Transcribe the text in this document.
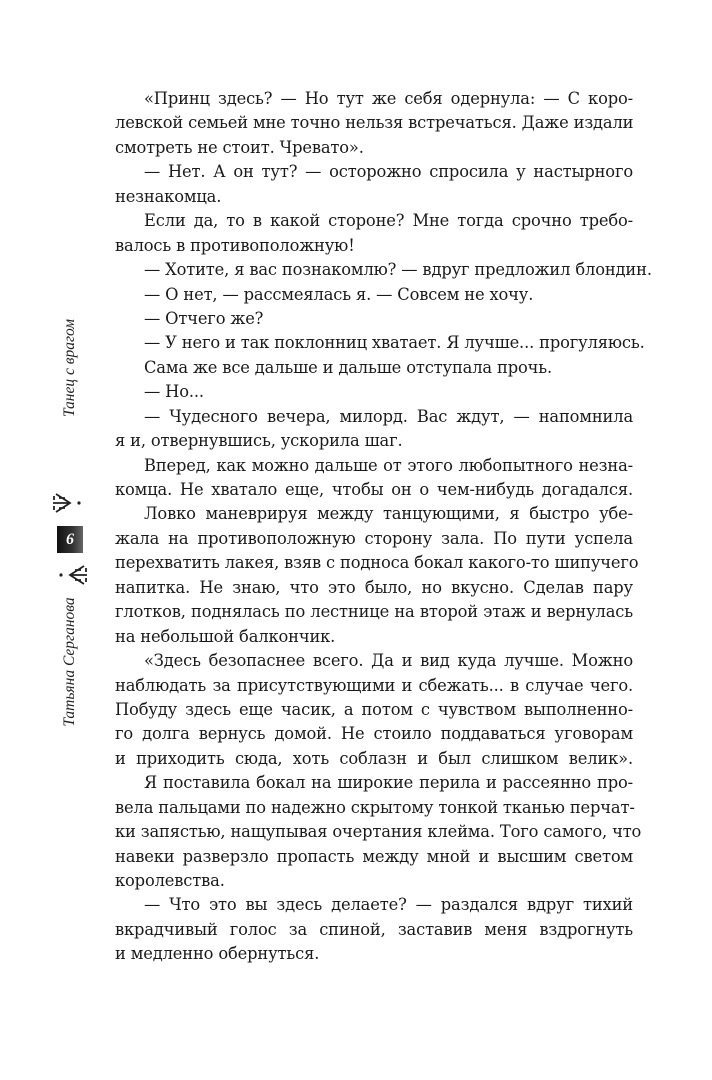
Танец с врагом
6
Татьяна Серганова
«Принц здесь? — Но тут же себя одернула: — С коро-
левской семьей мне точно нельзя встречаться. Даже издали
смотреть не стоит. Чревато».
— Нет. А он тут? — осторожно спросила у настырного
незнакомца.
Если да, то в какой стороне? Мне тогда срочно требо-
валось в противоположную!
— Хотите, я вас познакомлю? — вдруг предложил блондин.
— О нет, — рассмеялась я. — Совсем не хочу.
— Отчего же?
— У него и так поклонниц хватает. Я лучше... прогуляюсь.
Сама же все дальше и дальше отступала прочь.
— Но...
— Чудесного вечера, милорд. Вас ждут, — напомнила
я и, отвернувшись, ускорила шаг.
Вперед, как можно дальше от этого любопытного незна-
комца. Не хватало еще, чтобы он о чем-нибудь догадался.
Ловко маневрируя между танцующими, я быстро убе-
жала на противоположную сторону зала. По пути успела
перехватить лакея, взяв с подноса бокал какого-то шипучего
напитка. Не знаю, что это было, но вкусно. Сделав пару
глотков, поднялась по лестнице на второй этаж и вернулась
на небольшой балкончик.
«Здесь безопаснее всего. Да и вид куда лучше. Можно
наблюдать за присутствующими и сбежать... в случае чего.
Побуду здесь еще часик, а потом с чувством выполненно-
го долга вернусь домой. Не стоило поддаваться уговорам
и приходить сюда, хоть соблазн и был слишком велик».
Я поставила бокал на широкие перила и рассеянно про-
вела пальцами по надежно скрытому тонкой тканью перчат-
ки запястью, нащупывая очертания клейма. Того самого, что
навеки разверзло пропасть между мной и высшим светом
королевства.
— Что это вы здесь делаете? — раздался вдруг тихий
вкрадчивый голос за спиной, заставив меня вздрогнуть
и медленно обернуться.
